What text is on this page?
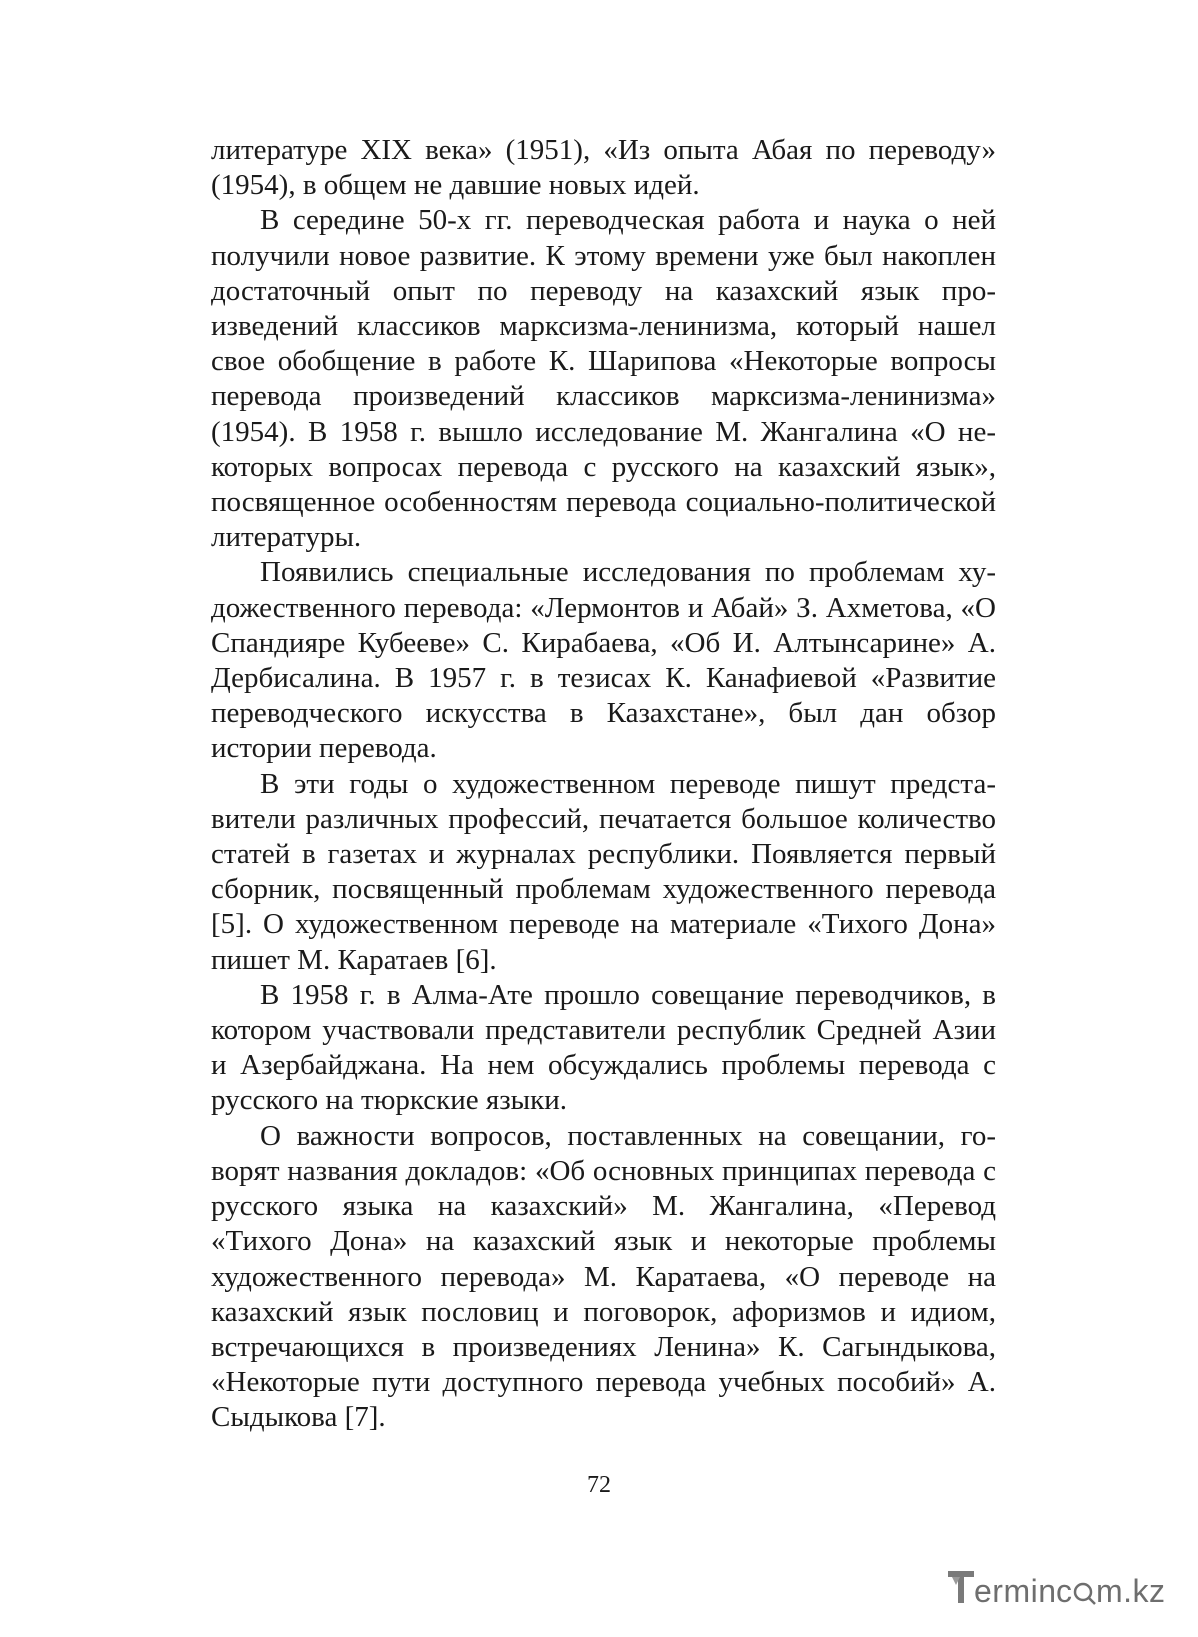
литературе XIX века» (1951), «Из опыта Абая по переводу» (1954), в общем не давшие новых идей.

В середине 50-х гг. переводческая работа и наука о ней получили новое развитие. К этому времени уже был накоплен достаточный опыт по переводу на казахский язык произведений классиков марксизма-ленинизма, который нашел свое обобщение в работе К. Шарипова «Некоторые вопросы перевода произведений классиков марксизма-ленинизма» (1954). В 1958 г. вышло исследование М. Жангалина «О некоторых вопросах перевода с русского на казахский язык», посвященное особенностям перевода социально-политической литературы.

Появились специальные исследования по проблемам художественного перевода: «Лермонтов и Абай» З. Ахметова, «О Спандияре Кубееве» С. Кирабаева, «Об И. Алтынсарине» А. Дербисалина. В 1957 г. в тезисах К. Канафиевой «Развитие переводческого искусства в Казахстане», был дан обзор истории перевода.

В эти годы о художественном переводе пишут представители различных профессий, печатается большое количество статей в газетах и журналах республики. Появляется первый сборник, посвященный проблемам художественного перевода [5]. О художественном переводе на материале «Тихого Дона» пишет М. Каратаев [6].

В 1958 г. в Алма-Ате прошло совещание переводчиков, в котором участвовали представители республик Средней Азии и Азербайджана. На нем обсуждались проблемы перевода с русского на тюркские языки.

О важности вопросов, поставленных на совещании, говорят названия докладов: «Об основных принципах перевода с русского языка на казахский» М. Жангалина, «Перевод «Тихого Дона» на казахский язык и некоторые проблемы художественного перевода» М. Каратаева, «О переводе на казахский язык пословиц и поговорок, афоризмов и идиом, встречающихся в произведениях Ленина» К. Сагындыкова, «Некоторые пути доступного перевода учебных пособий» А. Сыдыкова [7].

72
ermin c m.kz
